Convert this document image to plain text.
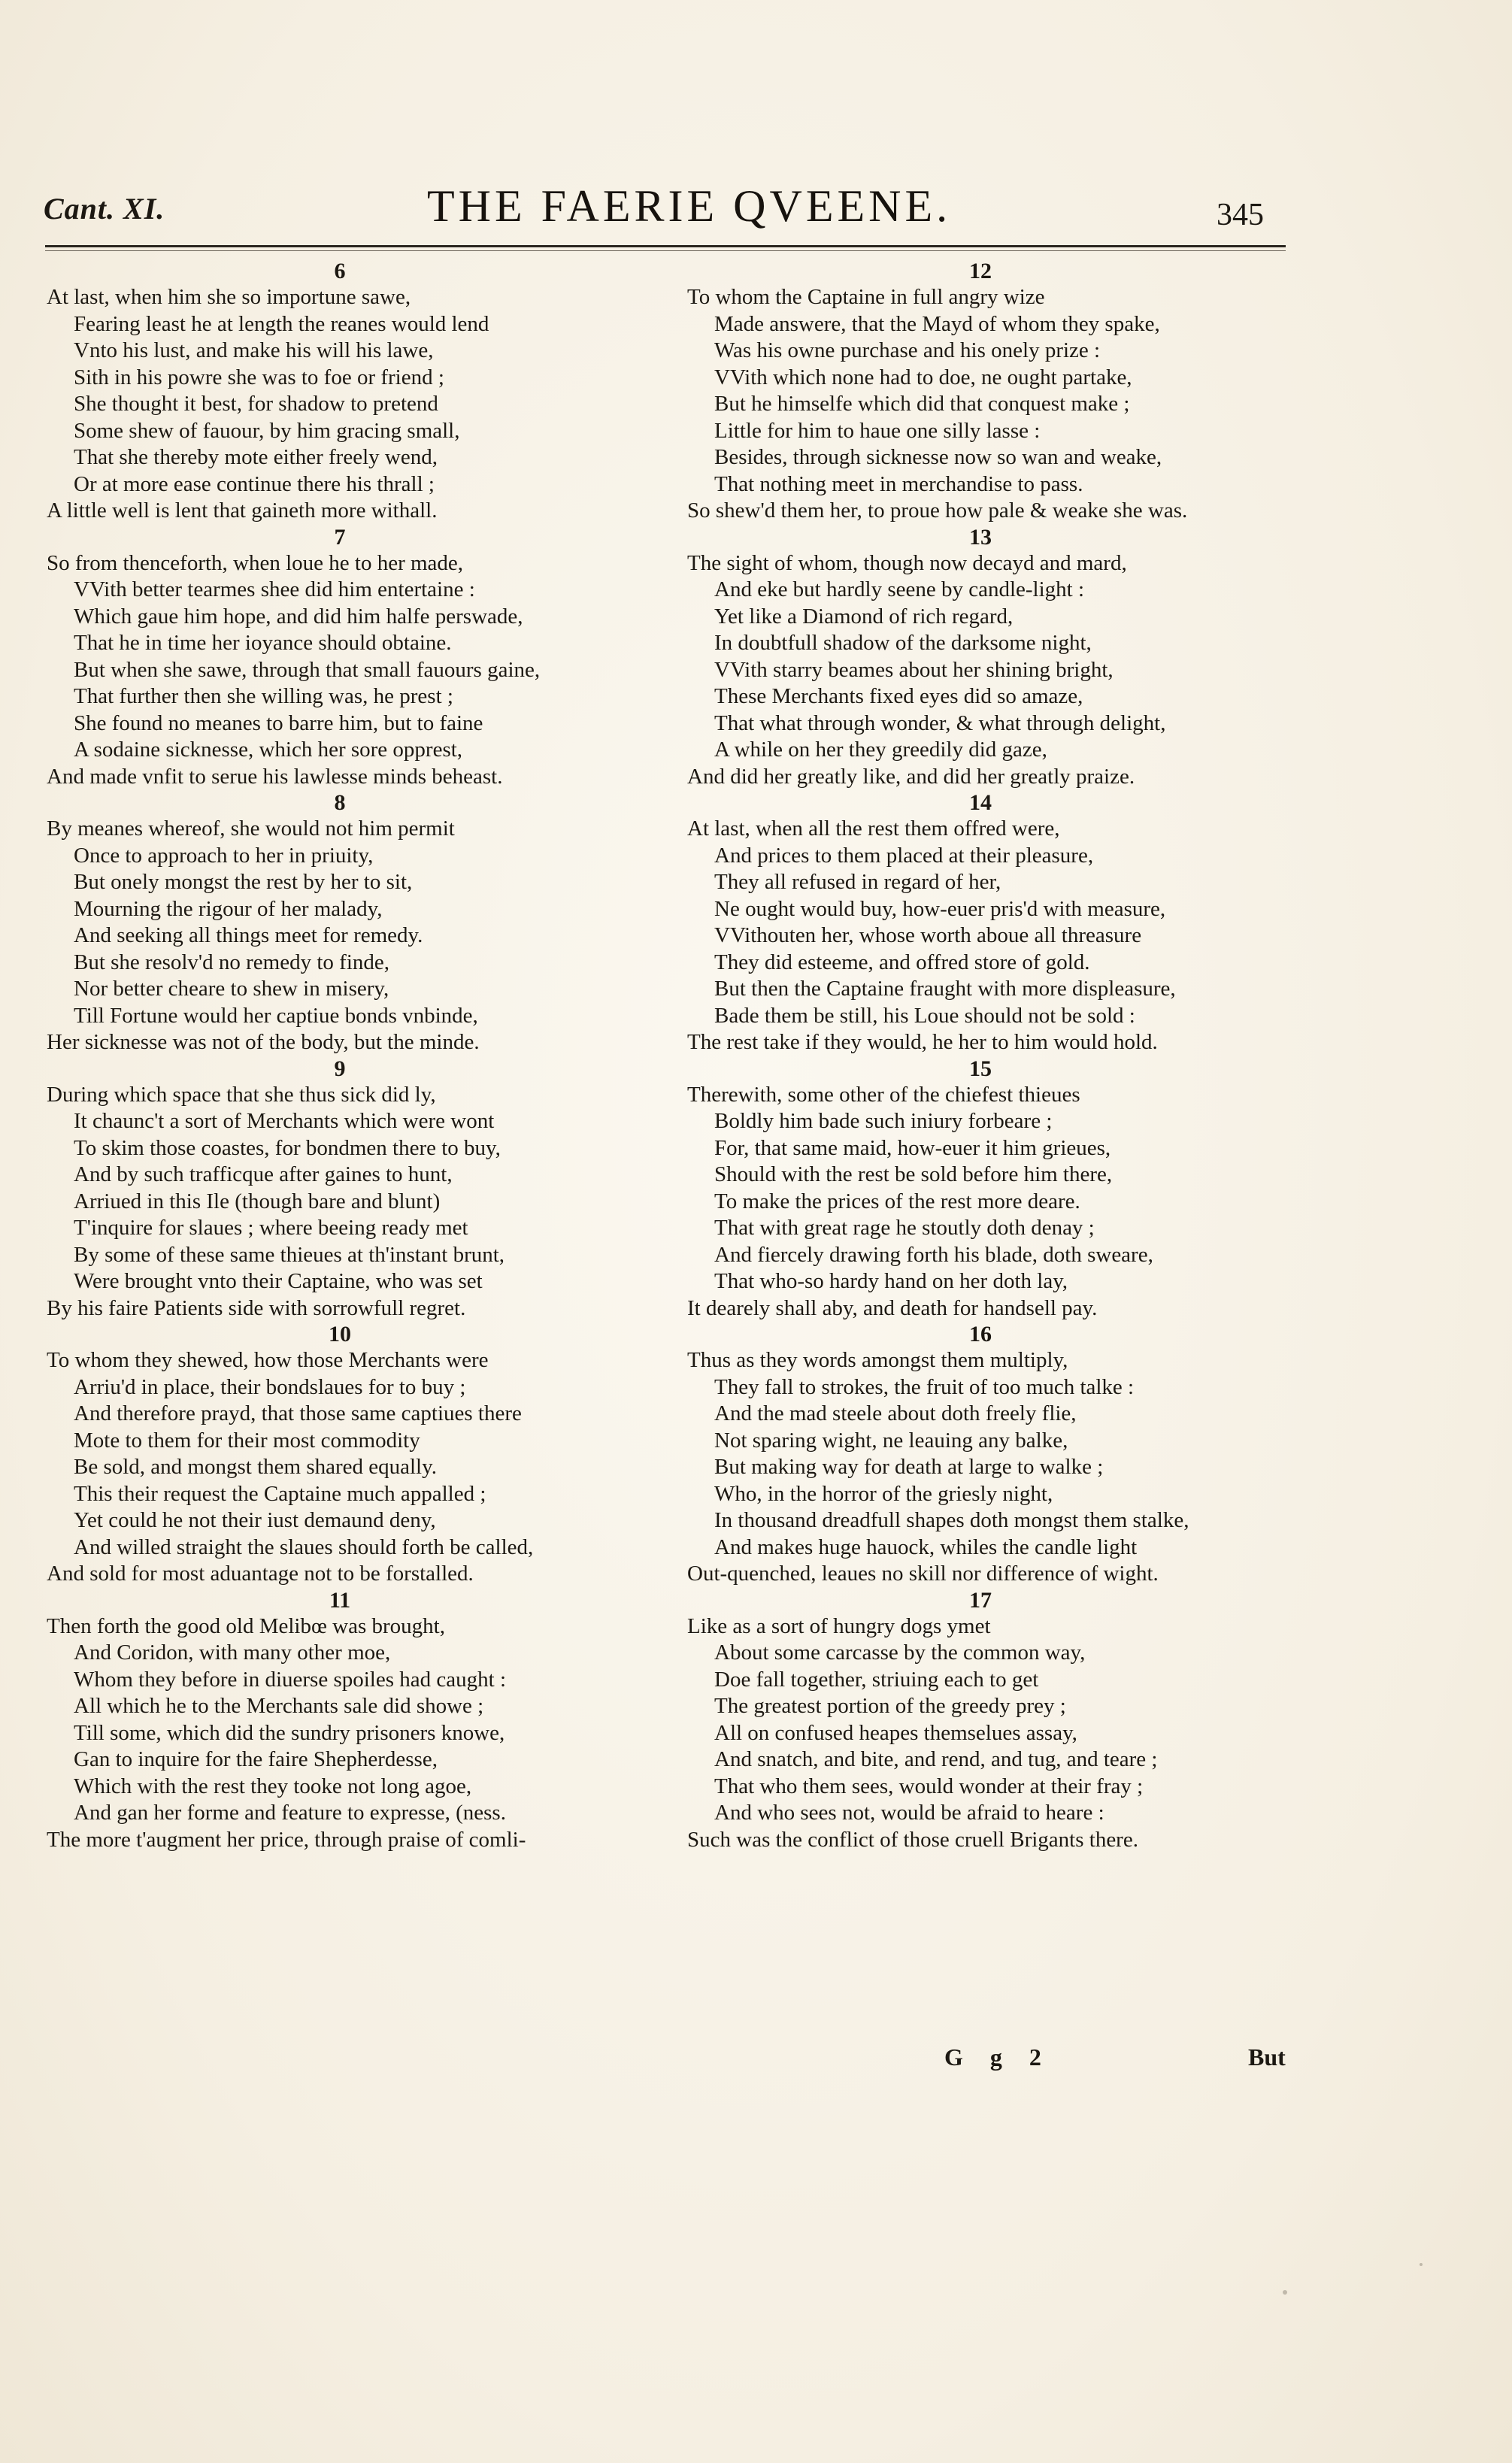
Cant. XI.	THE FAERIE QVEENE.	345
6
At last, when him she so importune sawe,
Fearing least he at length the reanes would lend
Vnto his lust, and make his will his lawe,
Sith in his powre she was to foe or friend ;
She thought it best, for shadow to pretend
Some shew of fauour, by him gracing small,
That she thereby mote either freely wend,
Or at more ease continue there his thrall ;
A little well is lent that gaineth more withall.
7
So from thenceforth, when loue he to her made,
VVith better tearmes shee did him entertaine :
Which gaue him hope, and did him halfe perswade,
That he in time her ioyance should obtaine.
But when she sawe, through that small fauours gaine,
That further then she willing was, he prest ;
She found no meanes to barre him, but to faine
A sodaine sicknesse, which her sore opprest,
And made vnfit to serue his lawlesse minds beheast.
8
By meanes whereof, she would not him permit
Once to approach to her in priuity,
But onely mongst the rest by her to sit,
Mourning the rigour of her malady,
And seeking all things meet for remedy.
But she resolv'd no remedy to finde,
Nor better cheare to shew in misery,
Till Fortune would her captiue bonds vnbinde,
Her sicknesse was not of the body, but the minde.
9
During which space that she thus sick did ly,
It chaunc't a sort of Merchants which were wont
To skim those coastes, for bondmen there to buy,
And by such trafficque after gaines to hunt,
Arriued in this Ile (though bare and blunt)
T'inquire for slaues ; where beeing ready met
By some of these same thieues at th'instant brunt,
Were brought vnto their Captaine, who was set
By his faire Patients side with sorrowfull regret.
10
To whom they shewed, how those Merchants were
Arriu'd in place, their bondslaues for to buy ;
And therefore prayd, that those same captiues there
Mote to them for their most commodity
Be sold, and mongst them shared equally.
This their request the Captaine much appalled ;
Yet could he not their iust demaund deny,
And willed straight the slaues should forth be called,
And sold for most aduantage not to be forstalled.
11
Then forth the good old Melibœ was brought,
And Coridon, with many other moe,
Whom they before in diuerse spoiles had caught :
All which he to the Merchants sale did showe ;
Till some, which did the sundry prisoners knowe,
Gan to inquire for the faire Shepherdesse,
Which with the rest they tooke not long agoe,
And gan her forme and feature to expresse, (ness.
The more t'augment her price, through praise of comli-
12
To whom the Captaine in full angry wize
Made answere, that the Mayd of whom they spake,
Was his owne purchase and his onely prize :
VVith which none had to doe, ne ought partake,
But he himselfe which did that conquest make ;
Little for him to haue one silly lasse :
Besides, through sicknesse now so wan and weake,
That nothing meet in merchandise to pass.
So shew'd them her, to proue how pale & weake she was.
13
The sight of whom, though now decayd and mard,
And eke but hardly seene by candle-light :
Yet like a Diamond of rich regard,
In doubtfull shadow of the darksome night,
VVith starry beames about her shining bright,
These Merchants fixed eyes did so amaze,
That what through wonder, & what through delight,
A while on her they greedily did gaze,
And did her greatly like, and did her greatly praize.
14
At last, when all the rest them offred were,
And prices to them placed at their pleasure,
They all refused in regard of her,
Ne ought would buy, how-euer pris'd with measure,
VVithouten her, whose worth aboue all threasure
They did esteeme, and offred store of gold.
But then the Captaine fraught with more displeasure,
Bade them be still, his Loue should not be sold :
The rest take if they would, he her to him would hold.
15
Therewith, some other of the chiefest thieues
Boldly him bade such iniury forbeare ;
For, that same maid, how-euer it him grieues,
Should with the rest be sold before him there,
To make the prices of the rest more deare.
That with great rage he stoutly doth denay ;
And fiercely drawing forth his blade, doth sweare,
That who-so hardy hand on her doth lay,
It dearely shall aby, and death for handsell pay.
16
Thus as they words amongst them multiply,
They fall to strokes, the fruit of too much talke :
And the mad steele about doth freely flie,
Not sparing wight, ne leauing any balke,
But making way for death at large to walke ;
Who, in the horror of the griesly night,
In thousand dreadfull shapes doth mongst them stalke,
And makes huge hauock, whiles the candle light
Out-quenched, leaues no skill nor difference of wight.
17
Like as a sort of hungry dogs ymet
About some carcasse by the common way,
Doe fall together, striuing each to get
The greatest portion of the greedy prey ;
All on confused heapes themselues assay,
And snatch, and bite, and rend, and tug, and teare ;
That who them sees, would wonder at their fray ;
And who sees not, would be afraid to heare :
Such was the conflict of those cruell Brigants there.
G g 2	But
